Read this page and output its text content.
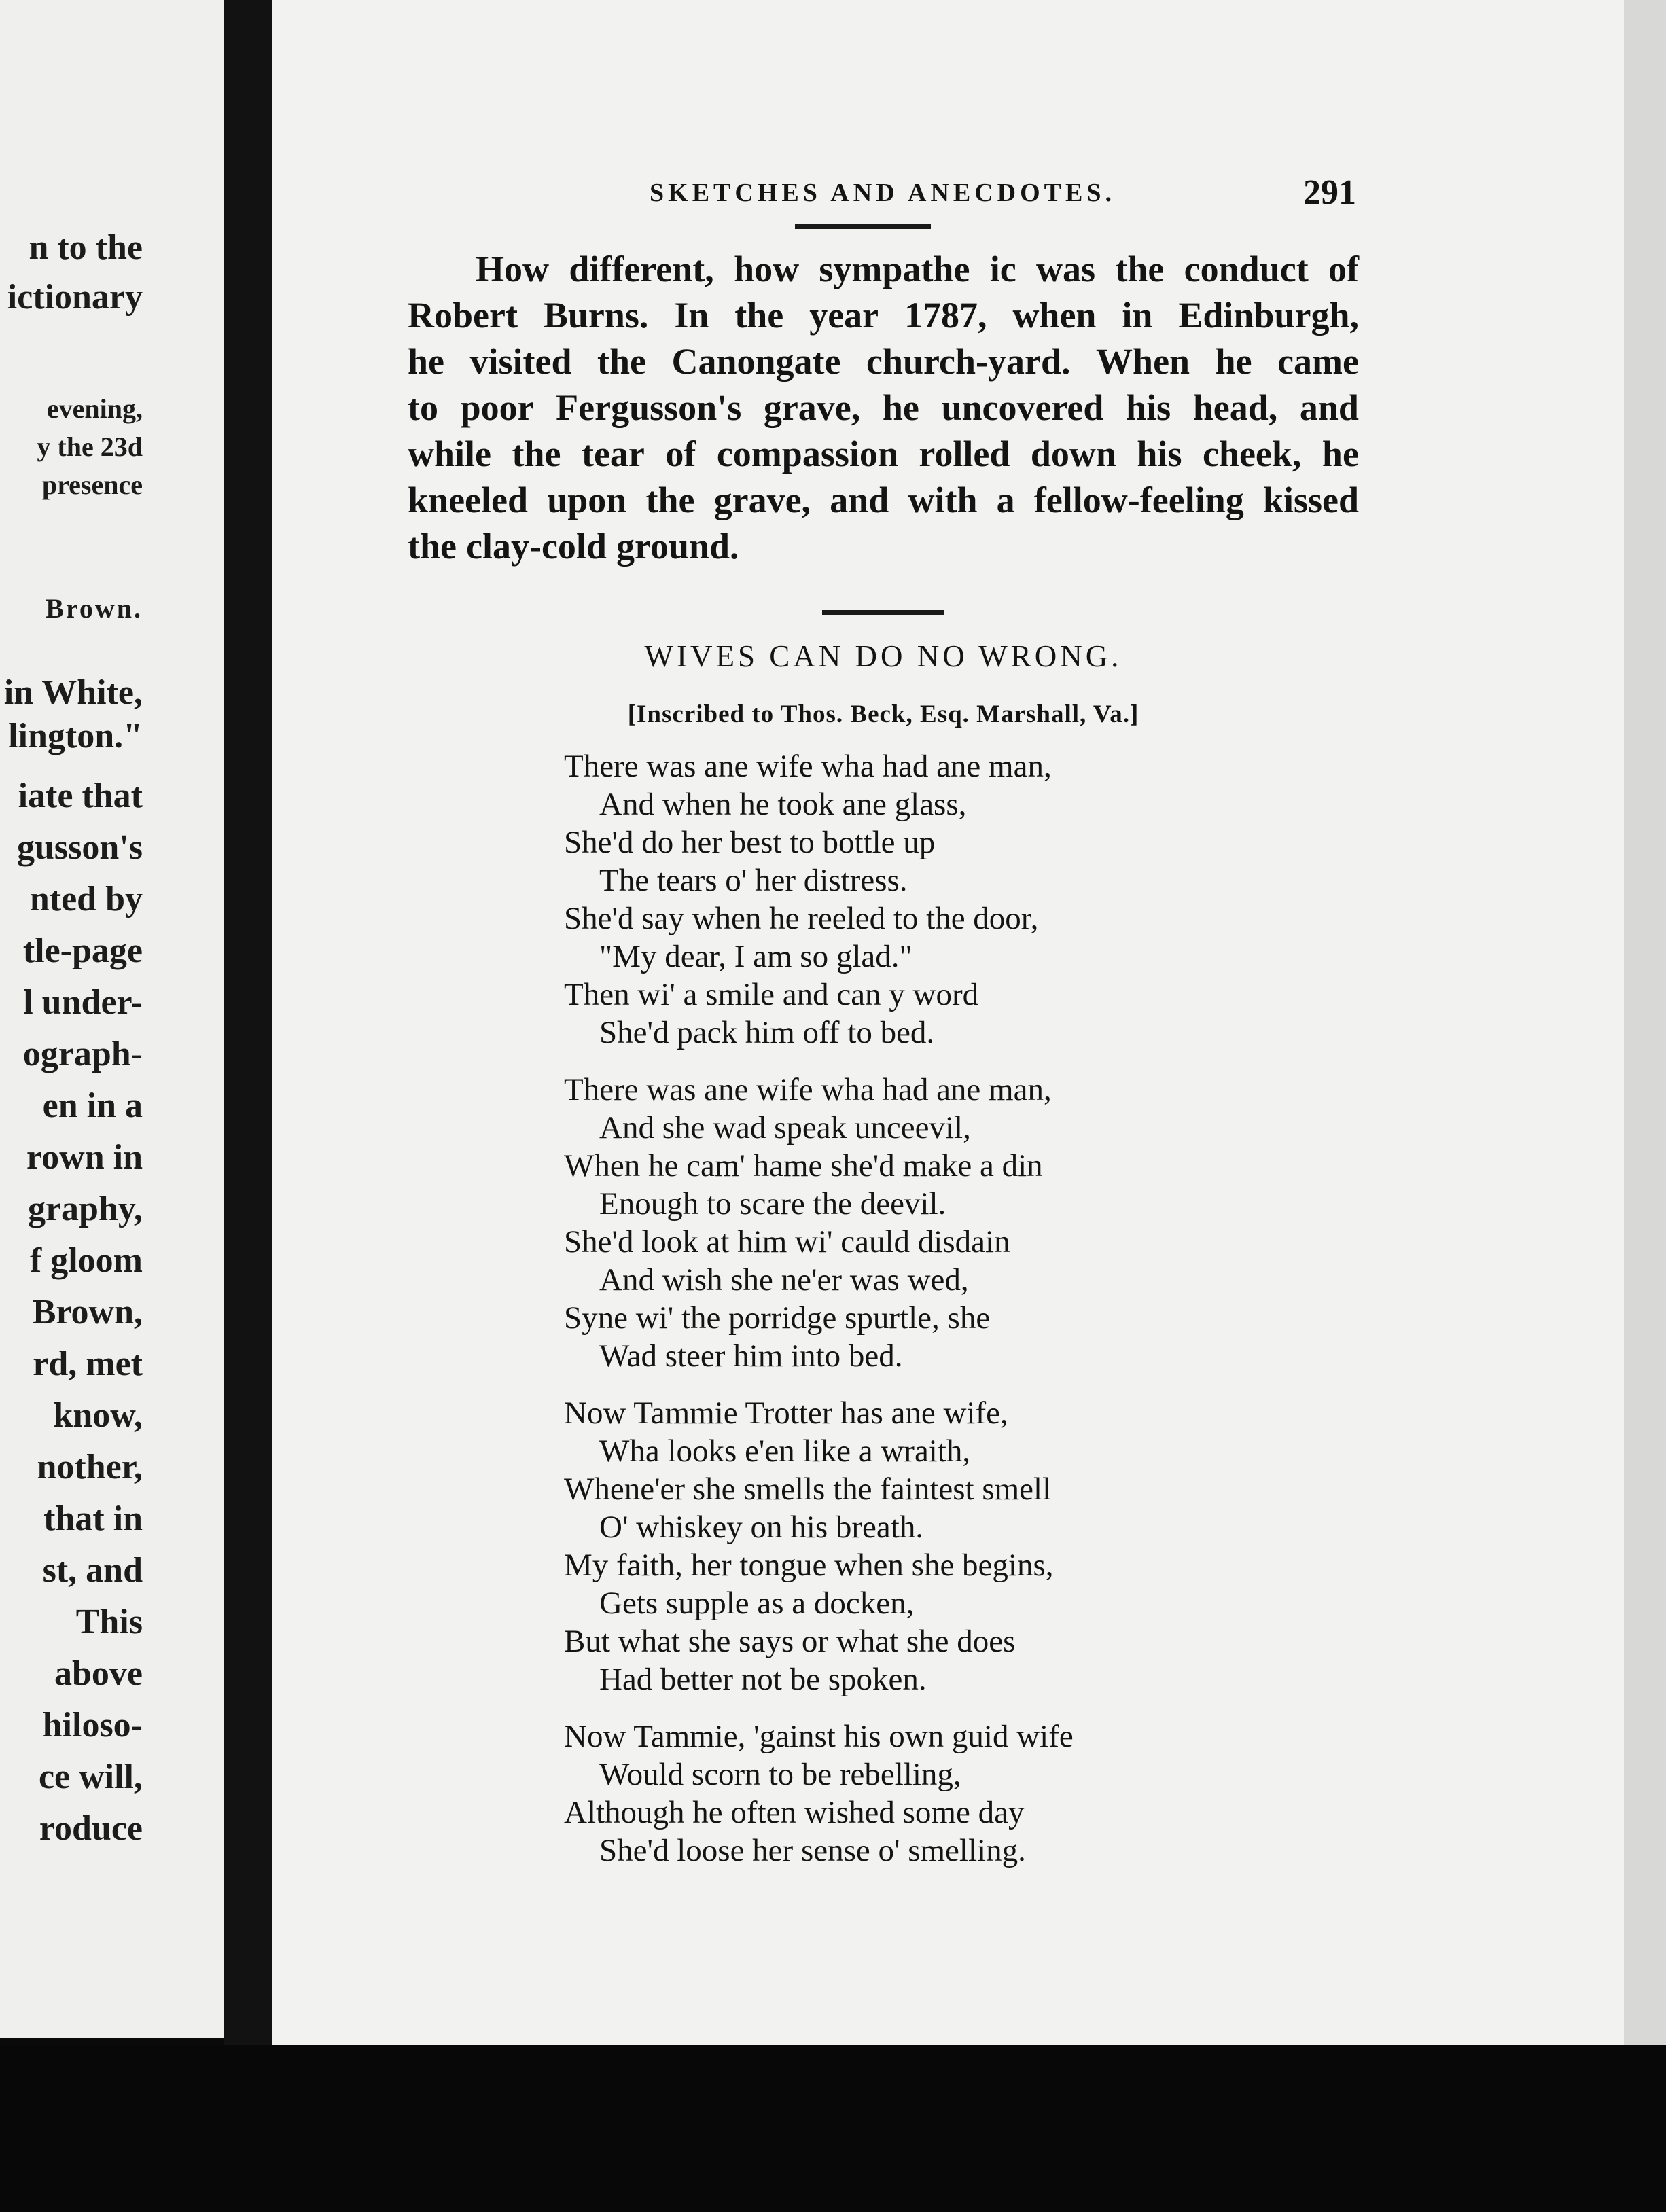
n to the
ictionary
evening,
y the 23d
presence
Brown.
in White,
lington."
iate that
gusson's
nted by
tle-page
l under-
ograph-
en in a
rown in
graphy,
f gloom
Brown,
rd, met
know,
nother,
that in
st, and
This
above
hiloso-
ce will,
roduce
SKETCHES AND ANECDOTES.	291
How different, how sympathe ic was the conduct of
Robert Burns. In the year 1787, when in Edinburgh,
he visited the Canongate church-yard. When he came
to poor Fergusson's grave, he uncovered his head, and
while the tear of compassion rolled down his cheek, he
kneeled upon the grave, and with a fellow-feeling kissed
the clay-cold ground.
WIVES CAN DO NO WRONG.
[Inscribed to Thos. Beck, Esq. Marshall, Va.]
There was ane wife wha had ane man,
And when he took ane glass,
She'd do her best to bottle up
The tears o' her distress.
She'd say when he reeled to the door,
"My dear, I am so glad."
Then wi' a smile and can y word
She'd pack him off to bed.
There was ane wife wha had ane man,
And she wad speak unceevil,
When he cam' hame she'd make a din
Enough to scare the deevil.
She'd look at him wi' cauld disdain
And wish she ne'er was wed,
Syne wi' the porridge spurtle, she
Wad steer him into bed.
Now Tammie Trotter has ane wife,
Wha looks e'en like a wraith,
Whene'er she smells the faintest smell
O' whiskey on his breath.
My faith, her tongue when she begins,
Gets supple as a docken,
But what she says or what she does
Had better not be spoken.
Now Tammie, 'gainst his own guid wife
Would scorn to be rebelling,
Although he often wished some day
She'd loose her sense o' smelling.
